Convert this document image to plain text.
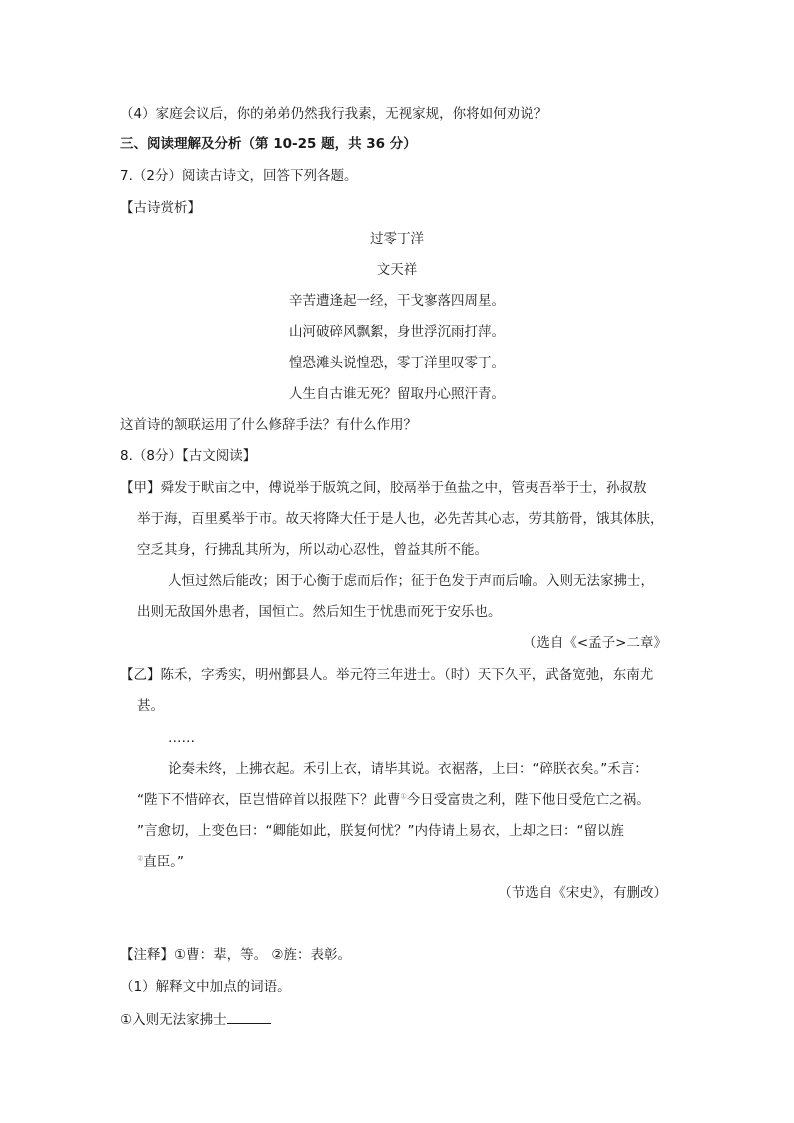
（4）家庭会议后，你的弟弟仍然我行我素，无视家规，你将如何劝说？
三、阅读理解及分析（第 10-25 题，共 36 分）
7.（2分）阅读古诗文，回答下列各题。
【古诗赏析】
过零丁洋
文天祥
辛苦遭逢起一经，干戈寥落四周星。
山河破碎风飘絮，身世浮沉雨打萍。
惶恐滩头说惶恐，零丁洋里叹零丁。
人生自古谁无死？留取丹心照汗青。
这首诗的颔联运用了什么修辞手法？有什么作用？
8.（8分）【古文阅读】
【甲】舜发于畎亩之中，傅说举于版筑之间，胶鬲举于鱼盐之中，管夷吾举于士，孙叔敖
举于海，百里奚举于市。故天将降大任于是人也，必先苦其心志，劳其筋骨，饿其体肤，
空乏其身，行拂乱其所为，所以动心忍性，曾益其所不能。
人恒过然后能改；困于心衡于虑而后作；征于色发于声而后喻。入则无法家拂士，
出则无敌国外患者，国恒亡。然后知生于忧患而死于安乐也。
（选自《<孟子>二章》
【乙】陈禾，字秀实，明州鄞县人。举元符三年进士。（时）天下久平，武备宽弛，东南尤
甚。
……
论奏未终，上拂衣起。禾引上衣，请毕其说。衣裾落，上曰：“碎朕衣矣。”禾言：
“陛下不惜碎衣，臣岂惜碎首以报陛下？此曹①今日受富贵之利，陛下他日受危亡之祸。
”言愈切，上变色曰：“卿能如此，朕复何忧？”内侍请上易衣，上却之曰：“留以旌
②直臣。”
（节选自《宋史》，有删改）
【注释】①曹：辈，等。 ②旌：表彰。
（1）解释文中加点的词语。
①入则无法家拂士
